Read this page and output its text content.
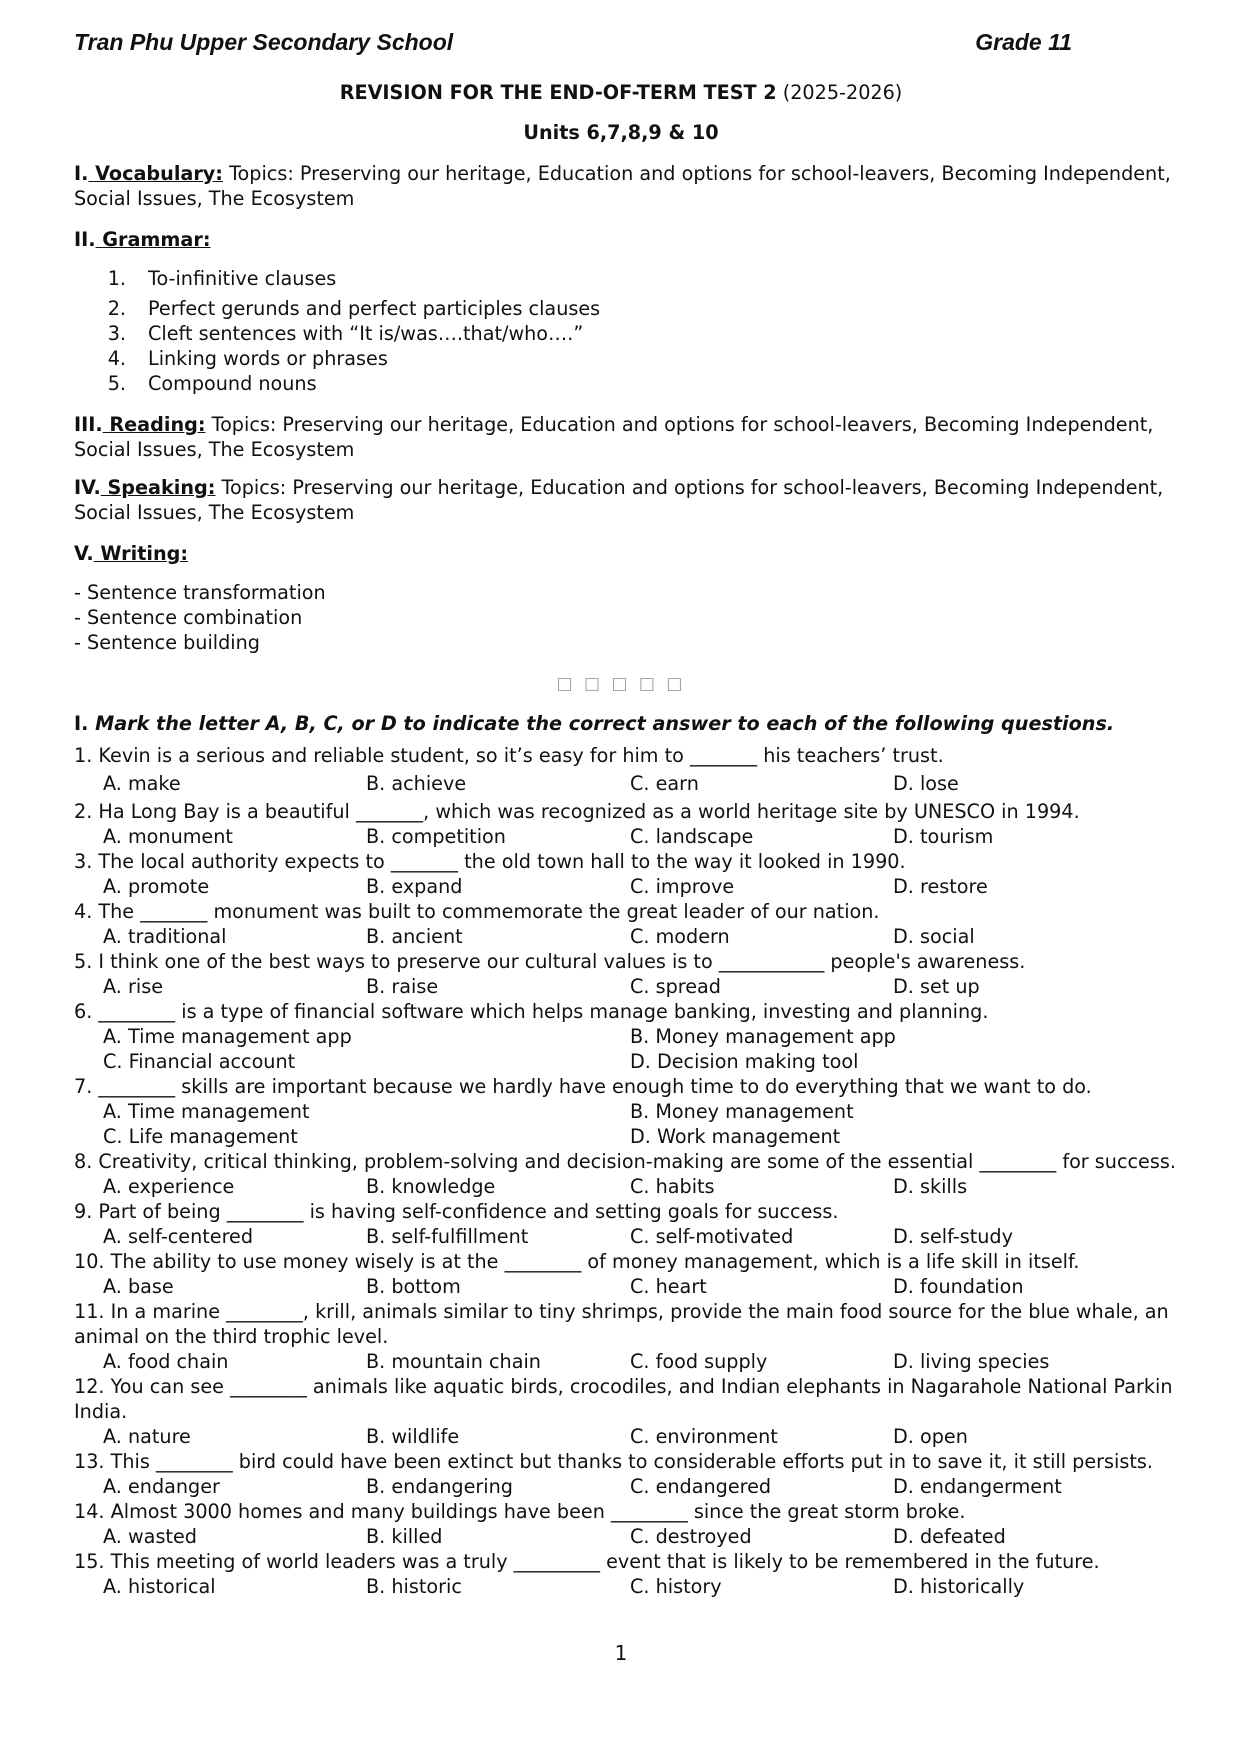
Tran Phu Upper Secondary School	Grade 11
REVISION FOR THE END-OF-TERM TEST 2 (2025-2026)
Units 6,7,8,9 & 10
I. Vocabulary: Topics: Preserving our heritage, Education and options for school-leavers, Becoming Independent, Social Issues, The Ecosystem
II. Grammar:
1. To-infinitive clauses
2. Perfect gerunds and perfect participles clauses
3. Cleft sentences with “It is/was….that/who….”
4. Linking words or phrases
5. Compound nouns
III. Reading: Topics: Preserving our heritage, Education and options for school-leavers, Becoming Independent, Social Issues, The Ecosystem
IV. Speaking: Topics: Preserving our heritage, Education and options for school-leavers, Becoming Independent, Social Issues, The Ecosystem
V. Writing:
- Sentence transformation
- Sentence combination
- Sentence building
□ □ □ □ □
I. Mark the letter A, B, C, or D to indicate the correct answer to each of the following questions.
1. Kevin is a serious and reliable student, so it’s easy for him to _______ his teachers’ trust.
A. make	B. achieve	C. earn	D. lose
2. Ha Long Bay is a beautiful _______, which was recognized as a world heritage site by UNESCO in 1994.
A. monument	B. competition	C. landscape	D. tourism
3. The local authority expects to _______ the old town hall to the way it looked in 1990.
A. promote	B. expand	C. improve	D. restore
4. The _______ monument was built to commemorate the great leader of our nation.
A. traditional	B. ancient	C. modern	D. social
5. I think one of the best ways to preserve our cultural values is to ___________ people's awareness.
A. rise	B. raise	C. spread	D. set up
6. ________ is a type of financial software which helps manage banking, investing and planning.
A. Time management app	B. Money management app
C. Financial account	D. Decision making tool
7. ________ skills are important because we hardly have enough time to do everything that we want to do.
A. Time management	B. Money management
C. Life management	D. Work management
8. Creativity, critical thinking, problem-solving and decision-making are some of the essential ________ for success.
A. experience	B. knowledge	C. habits	D. skills
9. Part of being ________ is having self-confidence and setting goals for success.
A. self-centered	B. self-fulfillment	C. self-motivated	D. self-study
10. The ability to use money wisely is at the ________ of money management, which is a life skill in itself.
A. base	B. bottom	C. heart	D. foundation
11. In a marine ________, krill, animals similar to tiny shrimps, provide the main food source for the blue whale, an animal on the third trophic level.
A. food chain	B. mountain chain	C. food supply	D. living species
12. You can see ________ animals like aquatic birds, crocodiles, and Indian elephants in Nagarahole National Parkin India.
A. nature	B. wildlife	C. environment	D. open
13. This ________ bird could have been extinct but thanks to considerable efforts put in to save it, it still persists.
A. endanger	B. endangering	C. endangered	D. endangerment
14. Almost 3000 homes and many buildings have been ________ since the great storm broke.
A. wasted	B. killed	C. destroyed	D. defeated
15. This meeting of world leaders was a truly _________ event that is likely to be remembered in the future.
A. historical	B. historic	C. history	D. historically
1
